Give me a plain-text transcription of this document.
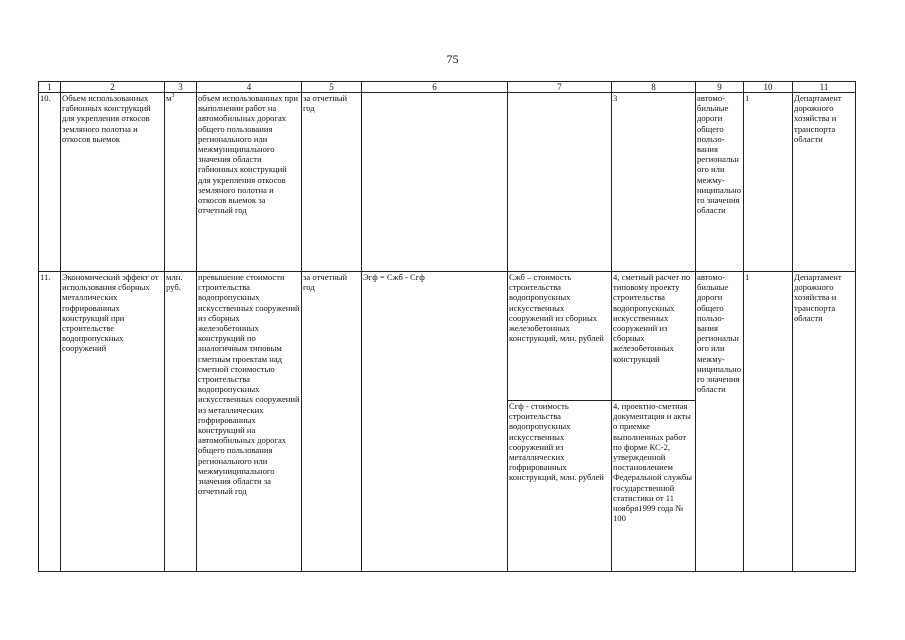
75
1	2	3	4	5	6	7	8	9	10	11
10.	Объем использованных габионных конструкций для укрепления откосов земляного полотна и откосов выемок	$м^3$	объем использованных при выполнении работ на автомобильных дорогах общего пользования регионального или межмуниципального значения области габионных конструкций для укрепления откосов земляного полотна и откосов выемок за отчетный год	за отчетный год			3	автомо-бильные дороги общего пользо-вания регионального или межму-ниципального значения области	1	Департамент дорожного хозяйства и транспорта области
11.	Экономический эффект от использования сборных металлических гофрированных конструкций при строительстве водопропускных сооружений	млн. руб.	превышение стоимости строительства водопропускных искусственных сооружений из сборных железобетонных конструкций по аналогичным типовым сметным проектам над сметной стоимостью строительства водопропускных искусственных сооружений из металлических гофрированных конструкций на автомобильных дорогах общего пользования регионального или межмуниципального значения области за отчетный год	за отчетный год	Эгф = Сжб - Сгф	Сжб – стоимость строительства водопропускных искусственных сооружений из сборных железобетонных конструкций, млн. рублей	4, сметный расчет по типовому проекту строительства водопропускных искусственных сооружений из сборных железобетонных конструкций	автомо-бильные дороги общего пользо-вания регионального или межму-ниципального значения области	1	Департамент дорожного хозяйства и транспорта области
						Сгф - стоимость строительства водопропускных искусственных сооружений из металлических гофрированных конструкций, млн. рублей	4, проектно-сметная документация и акты о приемке выполненных работ по форме КС-2, утвержденной постановлением Федеральной службы государственной статистики от 11 ноября1999 года № 100			
